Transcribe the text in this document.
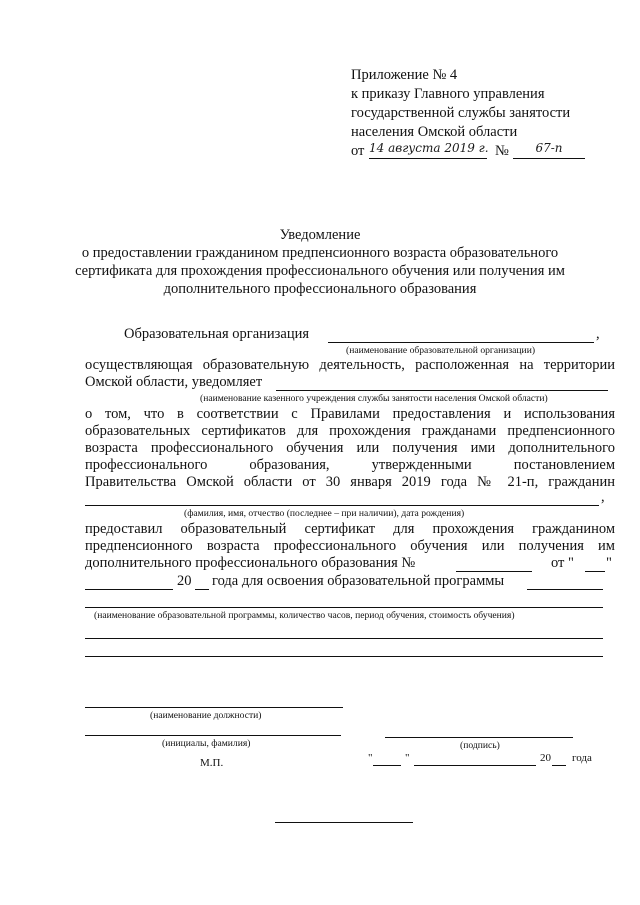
Приложение № 4
к приказу Главного управления
государственной службы занятости
населения Омской области
от 14 августа 2019 г. №	67-п
Уведомление
о предоставлении гражданином предпенсионного возраста образовательного
сертификата для прохождения профессионального обучения или получения им
дополнительного профессионального образования
Образовательная организация	,
(наименование образовательной организации)
осуществляющая образовательную деятельность, расположенная на территории
Омской области, уведомляет
(наименование казенного учреждения службы занятости населения Омской области)
о том, что в соответствии с Правилами предоставления и использования
образовательных сертификатов для прохождения гражданами предпенсионного
возраста профессионального обучения или получения ими дополнительного
профессионального образования, утвержденными постановлением
Правительства Омской области от 30 января 2019 года № 21-п, гражданин
,
(фамилия, имя, отчество (последнее – при наличии), дата рождения)
предоставил образовательный сертификат для прохождения гражданином
предпенсионного возраста профессионального обучения или получения им
дополнительного профессионального образования №	от " "
20 года для освоения образовательной программы
(наименование образовательной программы, количество часов, период обучения, стоимость обучения)
(наименование должности)
(инициалы, фамилия)	(подпись)
М.П.	"	"	20 года
